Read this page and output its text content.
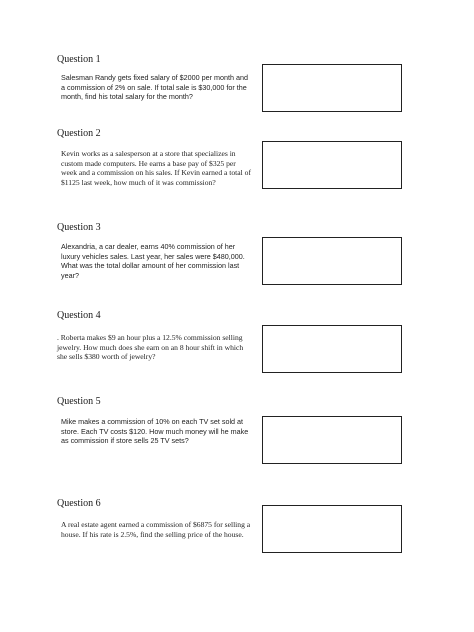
Question 1
Salesman Randy gets fixed salary of $2000 per month and a commission of 2% on sale. If total sale is $30,000 for the month, find his total salary for the month?
Question 2
Kevin works as a salesperson at a store that specializes in custom made computers. He earns a base pay of $325 per week and a commission on his sales. If Kevin earned a total of $1125 last week, how much of it was commission?
Question 3
Alexandria, a car dealer, earns 40% commission of her luxury vehicles sales. Last year, her sales were $480,000. What was the total dollar amount of her commission last year?
Question 4
. Roberta makes $9 an hour plus a 12.5% commission selling jewelry. How much does she earn on an 8 hour shift in which she sells $380 worth of jewelry?
Question 5
Mike makes a commission of 10% on each TV set sold at store. Each TV costs $120. How much money will he make as commission if store sells 25 TV sets?
Question 6
A real estate agent earned a commission of $6875 for selling a house. If his rate is 2.5%, find the selling price of the house.
